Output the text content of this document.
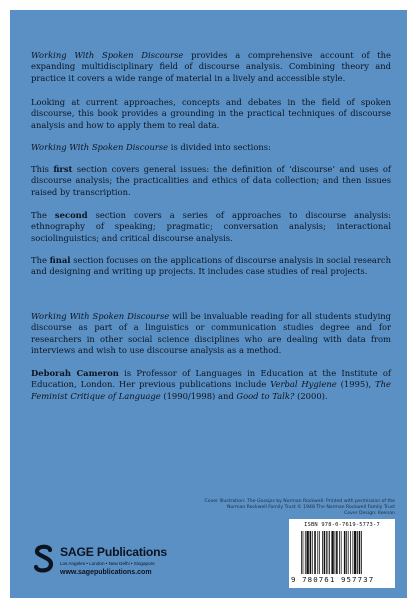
Working With Spoken Discourse provides a comprehensive account of the expanding multidisciplinary field of discourse analysis. Combining theory and practice it covers a wide range of material in a lively and accessible style.

Looking at current approaches, concepts and debates in the field of spoken discourse, this book provides a grounding in the practical techniques of discourse analysis and how to apply them to real data.

Working With Spoken Discourse is divided into sections:

This first section covers general issues: the definition of ‘discourse’ and uses of discourse analysis; the practicalities and ethics of data collection; and then issues raised by transcription.

The second section covers a series of approaches to discourse analysis: ethnography of speaking; pragmatic; conversation analysis; interactional sociolinguistics; and critical discourse analysis.

The final section focuses on the applications of discourse analysis in social research and designing and writing up projects. It includes case studies of real projects.

Working With Spoken Discourse will be invaluable reading for all students studying discourse as part of a linguistics or communication studies degree and for researchers in other social science disciplines who are dealing with data from interviews and wish to use discourse analysis as a method.

Deborah Cameron is Professor of Languages in Education at the Institute of Education, London. Her previous publications include Verbal Hygiene (1995), The Feminist Critique of Language (1990/1998) and Good to Talk? (2000).

Cover Illustration: The Gossips by Norman Rockwell. Printed with permission of the
Norman Rockwell Family Trust © 1948 The Norman Rockwell Family Trust
Cover Design: Keenan
ISBN 978-0-7619-5773-7
9 780761 957737
SAGE Publications
Los Angeles • London • New Delhi • Singapore
www.sagepublications.com
